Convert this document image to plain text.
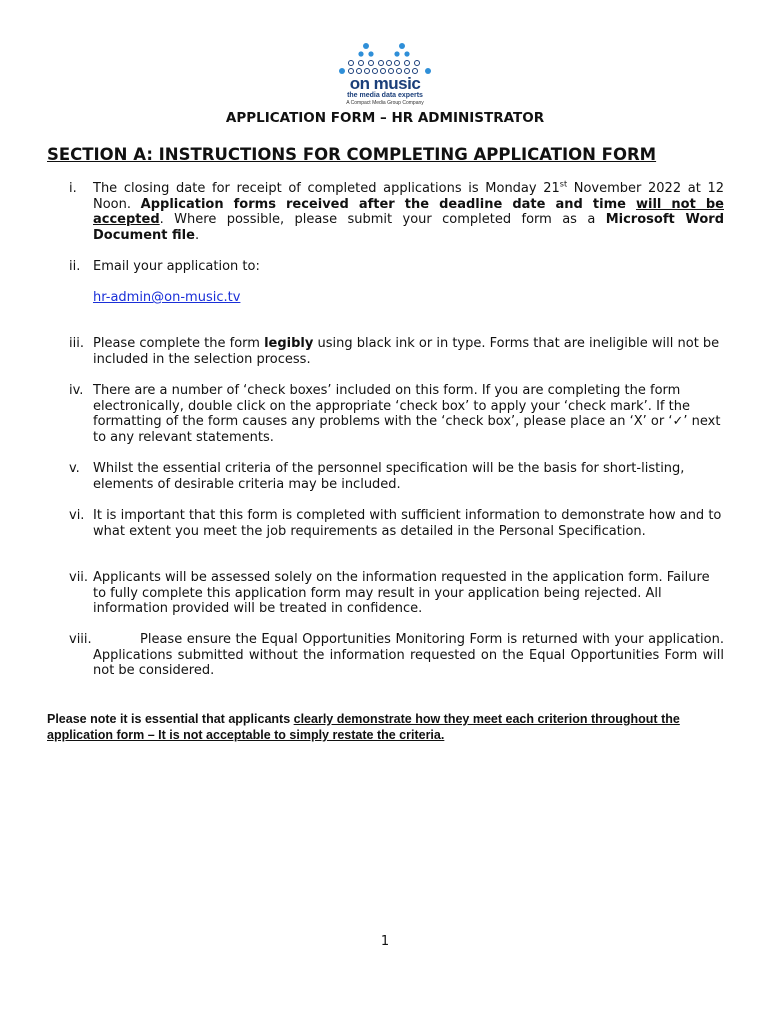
on music
the media data experts
A Compact Media Group Company
APPLICATION FORM – HR ADMINISTRATOR
SECTION A: INSTRUCTIONS FOR COMPLETING APPLICATION FORM
i. The closing date for receipt of completed applications is Monday 21st November 2022 at 12 Noon. Application forms received after the deadline date and time will not be accepted. Where possible, please submit your completed form as a Microsoft Word Document file.
ii. Email your application to:
hr-admin@on-music.tv
iii. Please complete the form legibly using black ink or in type. Forms that are ineligible will not be included in the selection process.
iv. There are a number of ‘check boxes’ included on this form. If you are completing the form electronically, double click on the appropriate ‘check box’ to apply your ‘check mark’. If the formatting of the form causes any problems with the ‘check box’, please place an ‘X’ or ‘✓’ next to any relevant statements.
v. Whilst the essential criteria of the personnel specification will be the basis for short-listing, elements of desirable criteria may be included.
vi. It is important that this form is completed with sufficient information to demonstrate how and to what extent you meet the job requirements as detailed in the Personal Specification.
vii. Applicants will be assessed solely on the information requested in the application form. Failure to fully complete this application form may result in your application being rejected. All information provided will be treated in confidence.
viii.	Please ensure the Equal Opportunities Monitoring Form is returned with your application. Applications submitted without the information requested on the Equal Opportunities Form will not be considered.
Please note it is essential that applicants clearly demonstrate how they meet each criterion throughout the application form – It is not acceptable to simply restate the criteria.
1
